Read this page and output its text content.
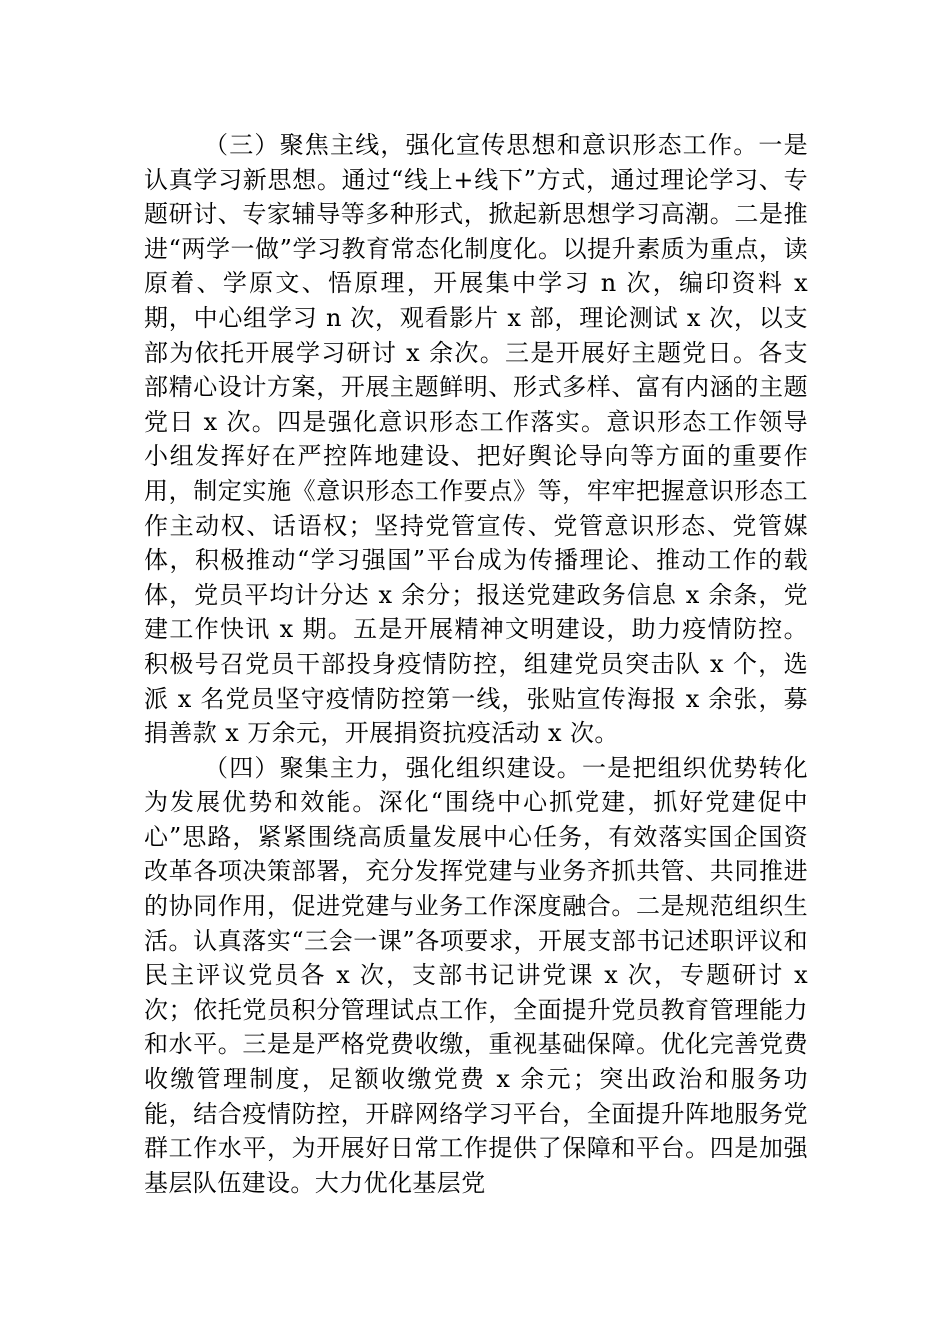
（三）聚焦主线，强化宣传思想和意识形态工作。一是认真学习新思想。通过“线上+线下”方式，通过理论学习、专题研讨、专家辅导等多种形式，掀起新思想学习高潮。二是推进“两学一做”学习教育常态化制度化。以提升素质为重点，读原着、学原文、悟原理，开展集中学习 n 次，编印资料 x 期，中心组学习 n 次，观看影片 x 部，理论测试 x 次，以支部为依托开展学习研讨 x 余次。三是开展好主题党日。各支部精心设计方案，开展主题鲜明、形式多样、富有内涵的主题党日 x 次。四是强化意识形态工作落实。意识形态工作领导小组发挥好在严控阵地建设、把好舆论导向等方面的重要作用，制定实施《意识形态工作要点》等，牢牢把握意识形态工作主动权、话语权；坚持党管宣传、党管意识形态、党管媒体，积极推动“学习强国”平台成为传播理论、推动工作的载体，党员平均计分达 x 余分；报送党建政务信息 x 余条，党建工作快讯 x 期。五是开展精神文明建设，助力疫情防控。积极号召党员干部投身疫情防控，组建党员突击队 x 个，选派 x 名党员坚守疫情防控第一线，张贴宣传海报 x 余张，募捐善款 x 万余元，开展捐资抗疫活动 x 次。

（四）聚集主力，强化组织建设。一是把组织优势转化为发展优势和效能。深化“围绕中心抓党建，抓好党建促中心”思路，紧紧围绕高质量发展中心任务，有效落实国企国资改革各项决策部署，充分发挥党建与业务齐抓共管、共同推进的协同作用，促进党建与业务工作深度融合。二是规范组织生活。认真落实“三会一课”各项要求，开展支部书记述职评议和民主评议党员各 x 次，支部书记讲党课 x 次，专题研讨 x 次；依托党员积分管理试点工作，全面提升党员教育管理能力和水平。三是是严格党费收缴，重视基础保障。优化完善党费收缴管理制度，足额收缴党费 x 余元；突出政治和服务功能，结合疫情防控，开辟网络学习平台，全面提升阵地服务党群工作水平，为开展好日常工作提供了保障和平台。四是加强基层队伍建设。大力优化基层党
